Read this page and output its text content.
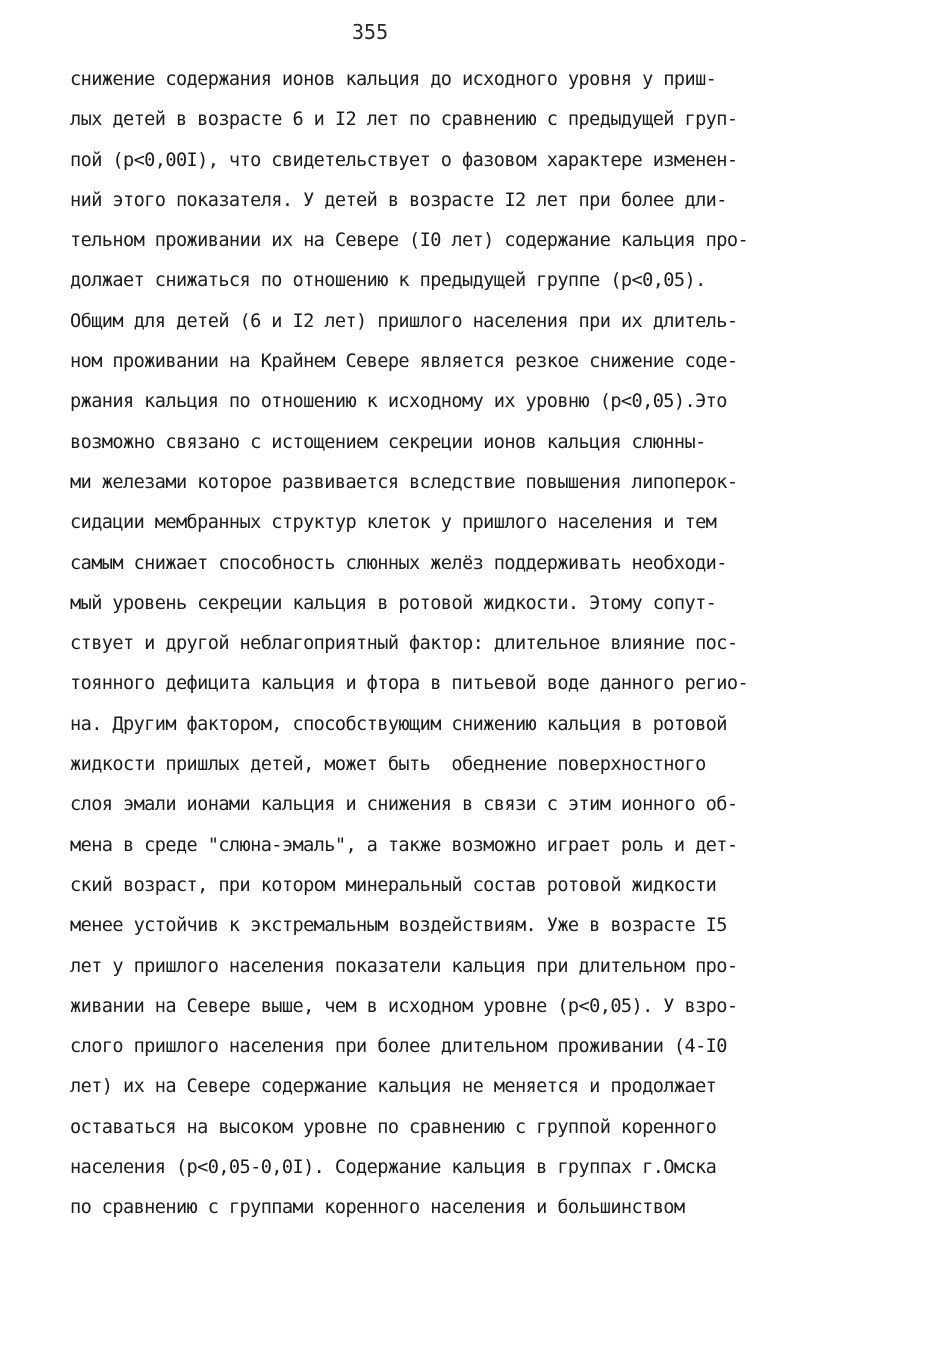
355
снижение содержания ионов кальция до исходного уровня у приш-
лых детей в возрасте 6 и I2 лет по сравнению с предыдущей груп-
пой (р<0,00I), что свидетельствует о фазовом характере изменен-
ний этого показателя. У детей в возрасте I2 лет при более дли-
тельном проживании их на Севере (I0 лет) содержание кальция про-
должает снижаться по отношению к предыдущей группе (р<0,05).
Общим для детей (6 и I2 лет) пришлого населения при их длитель-
ном проживании на Крайнем Севере является резкое снижение соде-
ржания кальция по отношению к исходному их уровню (р<0,05).Это
возможно связано с истощением секреции ионов кальция слюнны-
ми железами которое развивается вследствие повышения липоперок-
сидации мембранных структур клеток у пришлого населения и тем
самым снижает способность слюнных желёз поддерживать необходи-
мый уровень секреции кальция в ротовой жидкости. Этому сопут-
ствует и другой неблагоприятный фактор: длительное влияние пос-
тоянного дефицита кальция и фтора в питьевой воде данного регио-
на. Другим фактором, способствующим снижению кальция в ротовой
жидкости пришлых детей, может быть  обеднение поверхностного
слоя эмали ионами кальция и снижения в связи с этим ионного об-
мена в среде "слюна-эмаль", а также возможно играет роль и дет-
ский возраст, при котором минеральный состав ротовой жидкости
менее устойчив к экстремальным воздействиям. Уже в возрасте I5
лет у пришлого населения показатели кальция при длительном про-
живании на Севере выше, чем в исходном уровне (р<0,05). У взро-
слого пришлого населения при более длительном проживании (4-I0
лет) их на Севере содержание кальция не меняется и продолжает
оставаться на высоком уровне по сравнению с группой коренного
населения (р<0,05-0,0I). Содержание кальция в группах г.Омска
по сравнению с группами коренного населения и большинством
